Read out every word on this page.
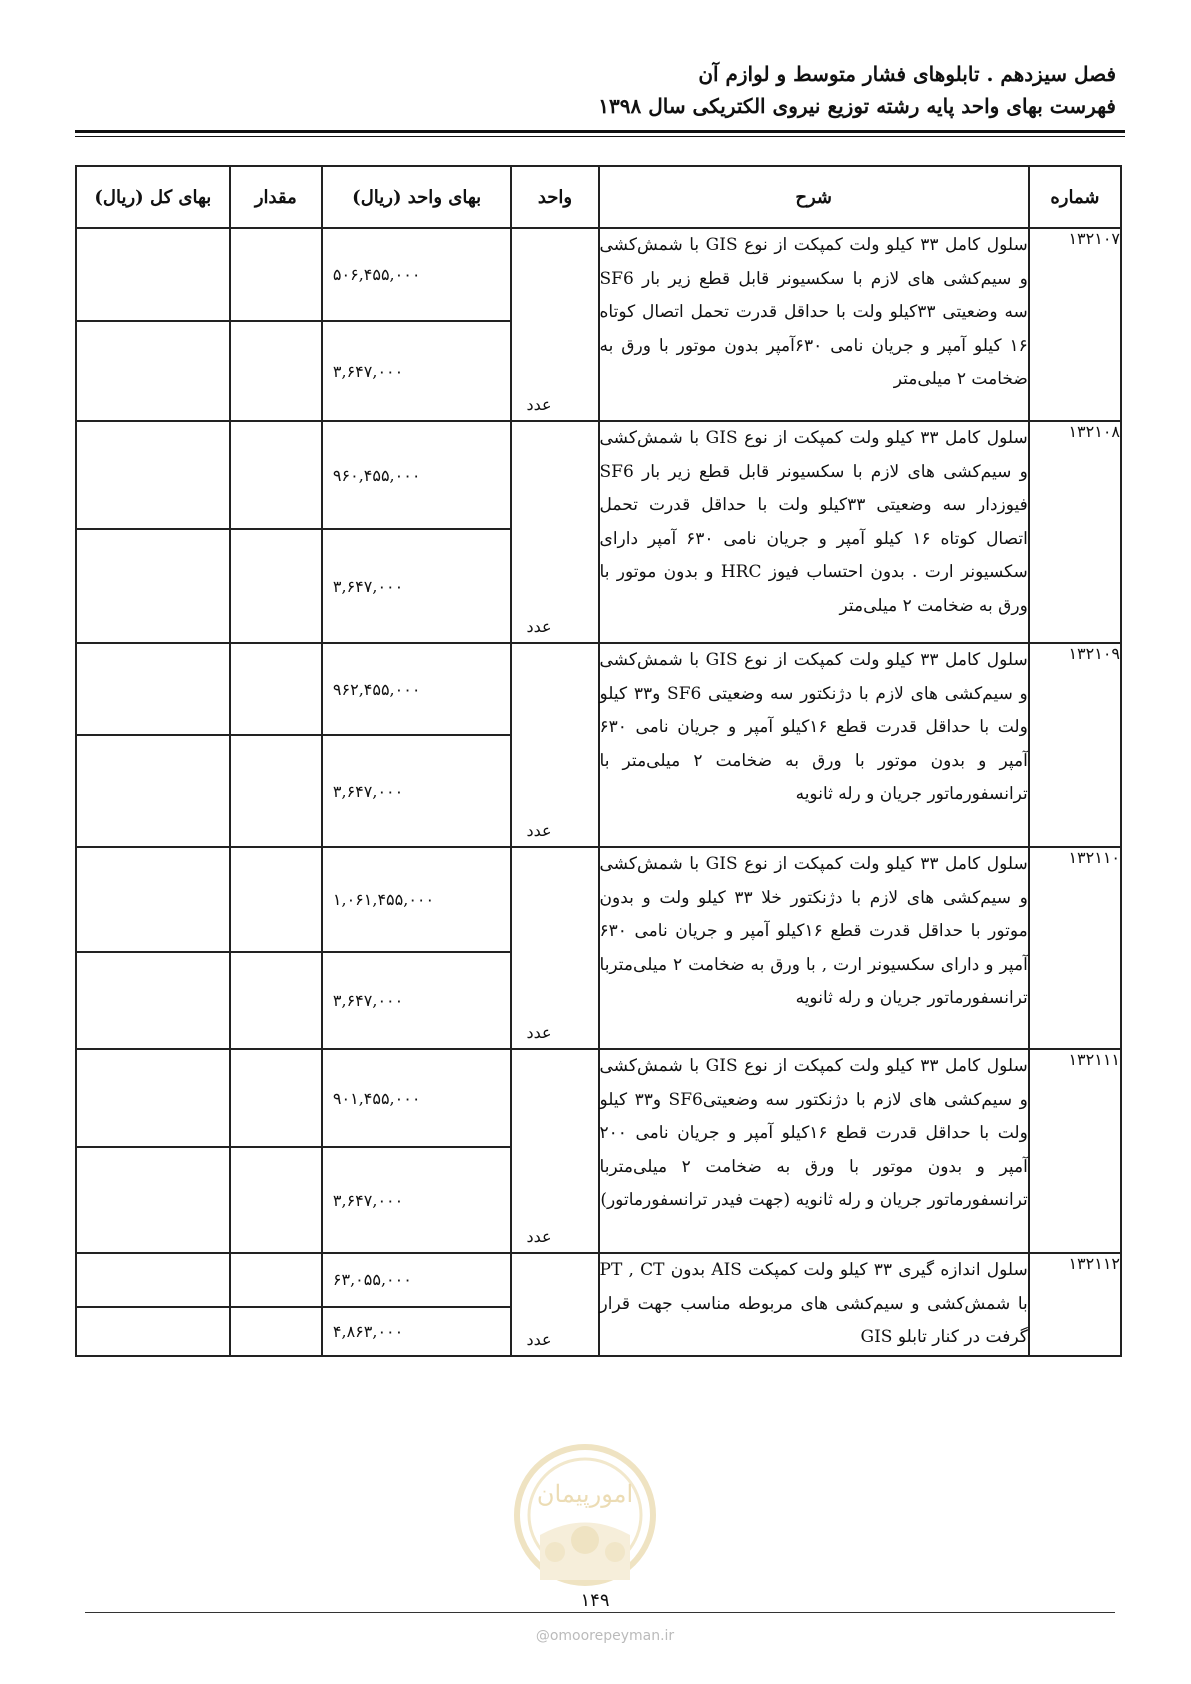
فصل سیزدهم . تابلوهای فشار متوسط و لوازم آن
فهرست بهای واحد پایه رشته توزیع نیروی الکتریکی سال ۱۳۹۸
شماره	شرح	واحد	بهای واحد (ریال)	مقدار	بهای کل (ریال)
۱۳۲۱۰۷	سلول کامل ۳۳ کیلو ولت کمپکت از نوع GIS با شمش‌کشی و سیم‌کشی های لازم با سکسیونر قابل قطع زیر بار SF6 سه وضعیتی ۳۳کیلو ولت با حداقل قدرت تحمل اتصال کوتاه ۱۶ کیلو آمپر و جریان نامی ۶۳۰آمپر بدون موتور با ورق به ضخامت ۲ میلی‌متر	عدد	۵۰۶,۴۵۵,۰۰۰		
			۳,۶۴۷,۰۰۰		
۱۳۲۱۰۸	سلول کامل ۳۳ کیلو ولت کمپکت از نوع GIS با شمش‌کشی و سیم‌کشی های لازم با سکسیونر قابل قطع زیر بار SF6 فیوزدار سه وضعیتی ۳۳کیلو ولت با حداقل قدرت تحمل اتصال کوتاه ۱۶ کیلو آمپر و جریان نامی ۶۳۰ آمپر دارای سکسیونر ارت . بدون احتساب فیوز HRC و بدون موتور با ورق به ضخامت ۲ میلی‌متر	عدد	۹۶۰,۴۵۵,۰۰۰		
			۳,۶۴۷,۰۰۰		
۱۳۲۱۰۹	سلول کامل ۳۳ کیلو ولت کمپکت از نوع GIS با شمش‌کشی و سیم‌کشی های لازم با دژنکتور سه وضعیتی SF6 و۳۳ کیلو ولت با حداقل قدرت قطع ۱۶کیلو آمپر و جریان نامی ۶۳۰ آمپر و بدون موتور با ورق به ضخامت ۲ میلی‌متر با ترانسفورماتور جریان و رله ثانویه	عدد	۹۶۲,۴۵۵,۰۰۰		
			۳,۶۴۷,۰۰۰		
۱۳۲۱۱۰	سلول کامل ۳۳ کیلو ولت کمپکت از نوع GIS با شمش‌کشی و سیم‌کشی های لازم با دژنکتور خلا ۳۳ کیلو ولت و بدون موتور با حداقل قدرت قطع ۱۶کیلو آمپر و جریان نامی ۶۳۰ آمپر و دارای سکسیونر ارت , با ورق به ضخامت ۲ میلی‌متربا ترانسفورماتور جریان و رله ثانویه	عدد	۱,۰۶۱,۴۵۵,۰۰۰		
			۳,۶۴۷,۰۰۰		
۱۳۲۱۱۱	سلول کامل ۳۳ کیلو ولت کمپکت از نوع GIS با شمش‌کشی و سیم‌کشی های لازم با دژنکتور سه وضعیتیSF6 و۳۳ کیلو ولت با حداقل قدرت قطع ۱۶کیلو آمپر و جریان نامی ۲۰۰ آمپر و بدون موتور با ورق به ضخامت ۲ میلی‌متربا ترانسفورماتور جریان و رله ثانویه (جهت فیدر ترانسفورماتور)	عدد	۹۰۱,۴۵۵,۰۰۰		
			۳,۶۴۷,۰۰۰		
۱۳۲۱۱۲	سلول اندازه گیری ۳۳ کیلو ولت کمپکت AIS بدون PT , CT با شمش‌کشی و سیم‌کشی های مربوطه مناسب جهت قرار گرفت در کنار تابلو GIS	عدد	۶۳,۰۵۵,۰۰۰		
			۴,۸۶۳,۰۰۰		
امورپیمان
۱۴۹
@omoorepeyman.ir
